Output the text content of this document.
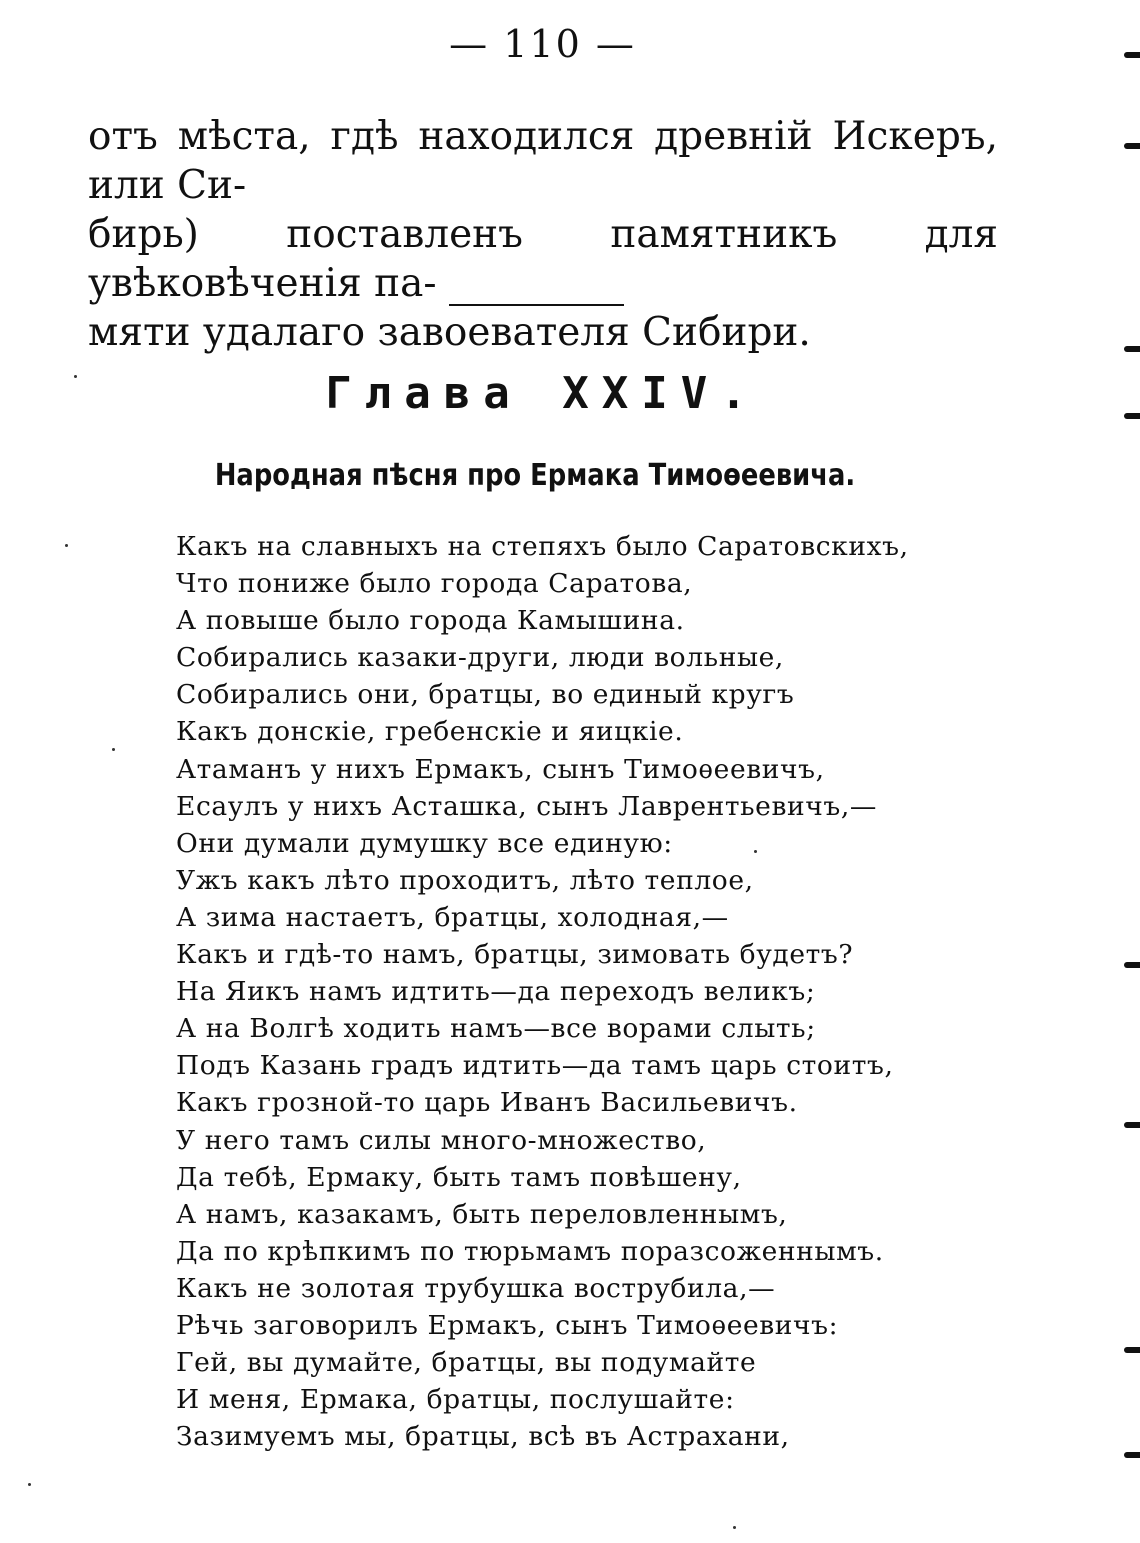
— 110 —

отъ мѣста, гдѣ находился древній Искеръ, или Си-

бирь) поставленъ памятникъ для увѣковѣченія па-

мяти удалаго завоевателя Сибири.

Глава XXIV.
Народная пѣсня про Ермака Тимоѳеевича.
Какъ на славныхъ на степяхъ было Саратовскихъ,
Что пониже было города Саратова,
А повыше было города Камышина.
Собирались казаки-други, люди вольные,
Собирались они, братцы, во единый кругъ
Какъ донскіе, гребенскіе и яицкіе.
Атаманъ у нихъ Ермакъ, сынъ Тимоѳеевичъ,
Есаулъ у нихъ Асташка, сынъ Лаврентьевичъ,—
Они думали думушку все единую:
Ужъ какъ лѣто проходитъ, лѣто теплое,
А зима настаетъ, братцы, холодная,—
Какъ и гдѣ-то намъ, братцы, зимовать будетъ?
На Яикъ намъ идтить—да переходъ великъ;
А на Волгѣ ходить намъ—все ворами слыть;
Подъ Казань градъ идтить—да тамъ царь стоитъ,
Какъ грозной-то царь Иванъ Васильевичъ.
У него тамъ силы много-множество,
Да тебѣ, Ермаку, быть тамъ повѣшену,
А намъ, казакамъ, быть переловленнымъ,
Да по крѣпкимъ по тюрьмамъ поразсоженнымъ.
Какъ не золотая трубушка вострубила,—
Рѣчь заговорилъ Ермакъ, сынъ Тимоѳеевичъ:
Гей, вы думайте, братцы, вы подумайте
И меня, Ермака, братцы, послушайте:
Зазимуемъ мы, братцы, всѣ въ Астрахани,
